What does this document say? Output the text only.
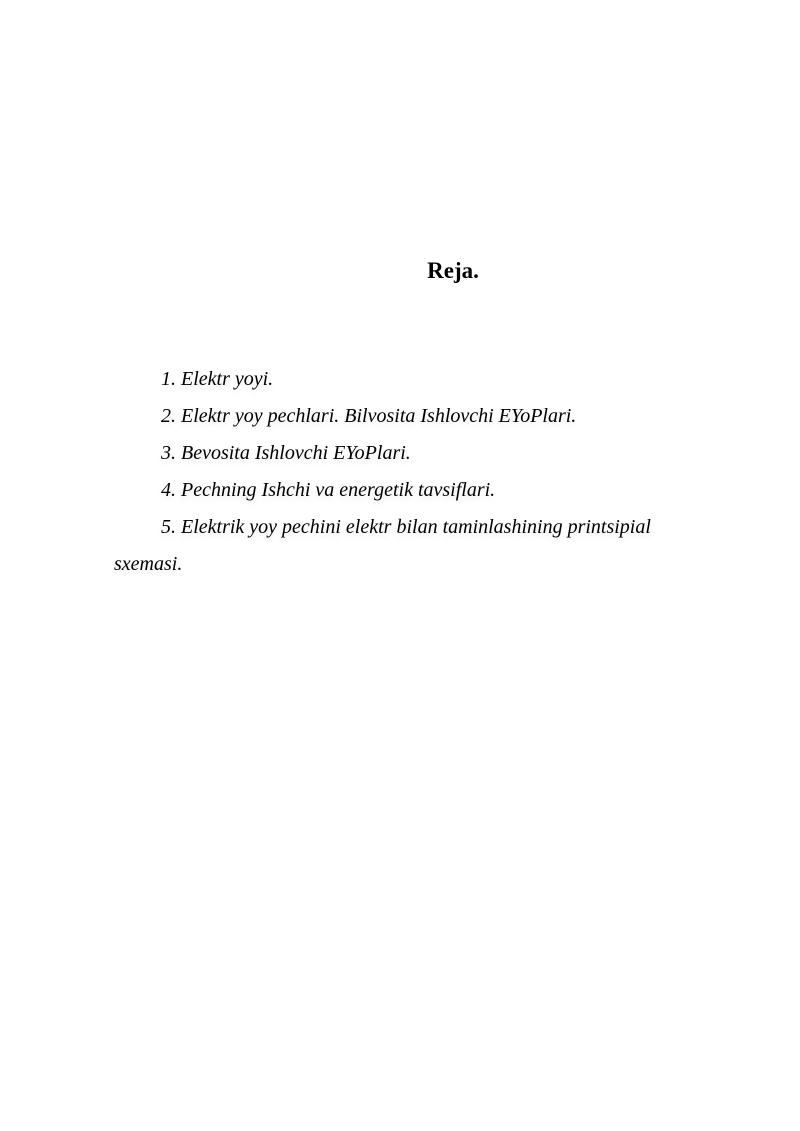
Reja.
1. Elektr yoyi.
2. Elektr yoy pechlari. Bilvosita Ishlovchi EYoPlari.
3. Bevosita Ishlovchi EYoPlari.
4. Pechning Ishchi va energetik tavsiflari.
5. Elektrik yoy pechini elektr bilan taminlashining printsipial sxemasi.
